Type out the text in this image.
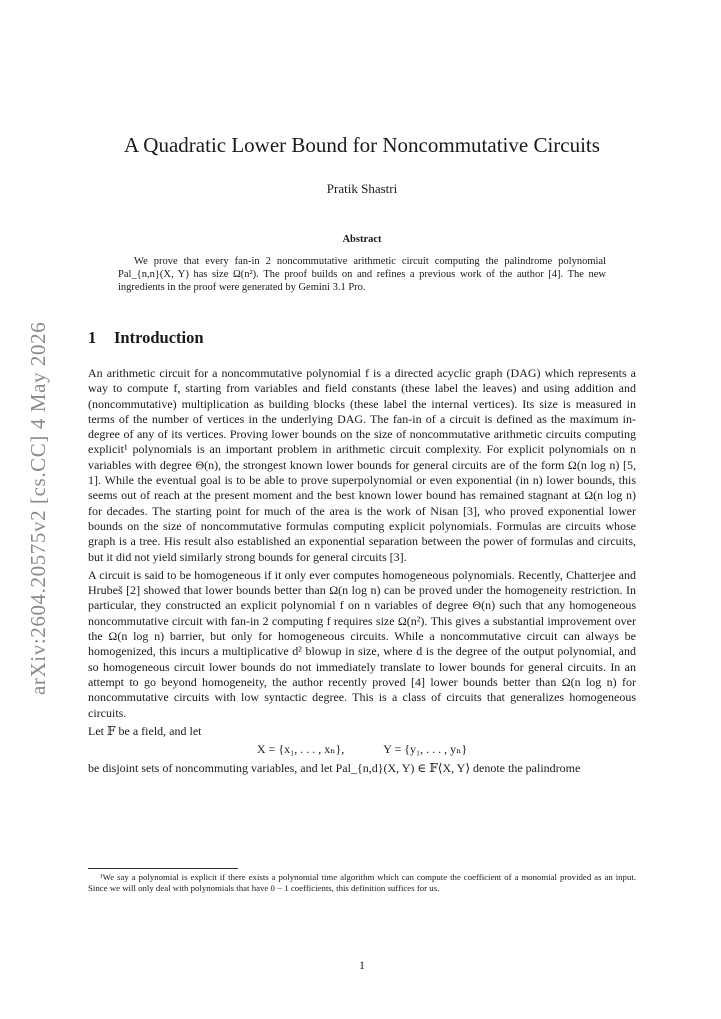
arXiv:2604.20575v2 [cs.CC] 4 May 2026
A Quadratic Lower Bound for Noncommutative Circuits
Pratik Shastri
Abstract
We prove that every fan-in 2 noncommutative arithmetic circuit computing the palindrome polynomial Pal_{n,n}(X, Y) has size Ω(n²). The proof builds on and refines a previous work of the author [4]. The new ingredients in the proof were generated by Gemini 3.1 Pro.
1 Introduction

An arithmetic circuit for a noncommutative polynomial f is a directed acyclic graph (DAG) which represents a way to compute f, starting from variables and field constants (these label the leaves) and using addition and (noncommutative) multiplication as building blocks (these label the internal vertices). Its size is measured in terms of the number of vertices in the underlying DAG. The fan-in of a circuit is defined as the maximum in-degree of any of its vertices. Proving lower bounds on the size of noncommutative arithmetic circuits computing explicit¹ polynomials is an important problem in arithmetic circuit complexity. For explicit polynomials on n variables with degree Θ(n), the strongest known lower bounds for general circuits are of the form Ω(n log n) [5, 1]. While the eventual goal is to be able to prove superpolynomial or even exponential (in n) lower bounds, this seems out of reach at the present moment and the best known lower bound has remained stagnant at Ω(n log n) for decades. The starting point for much of the area is the work of Nisan [3], who proved exponential lower bounds on the size of noncommutative formulas computing explicit polynomials. Formulas are circuits whose graph is a tree. His result also established an exponential separation between the power of formulas and circuits, but it did not yield similarly strong bounds for general circuits [3].

A circuit is said to be homogeneous if it only ever computes homogeneous polynomials. Recently, Chatterjee and Hrubeš [2] showed that lower bounds better than Ω(n log n) can be proved under the homogeneity restriction. In particular, they constructed an explicit polynomial f on n variables of degree Θ(n) such that any homogeneous noncommutative circuit with fan-in 2 computing f requires size Ω(n²). This gives a substantial improvement over the Ω(n log n) barrier, but only for homogeneous circuits. While a noncommutative circuit can always be homogenized, this incurs a multiplicative d² blowup in size, where d is the degree of the output polynomial, and so homogeneous circuit lower bounds do not immediately translate to lower bounds for general circuits. In an attempt to go beyond homogeneity, the author recently proved [4] lower bounds better than Ω(n log n) for noncommutative circuits with low syntactic degree. This is a class of circuits that generalizes homogeneous circuits.

Let 𝔽 be a field, and let

X = {x₁, . . . , xₙ},	Y = {y₁, . . . , yₙ}

be disjoint sets of noncommuting variables, and let Pal_{n,d}(X, Y) ∈ 𝔽⟨X, Y⟩ denote the palindrome

¹We say a polynomial is explicit if there exists a polynomial time algorithm which can compute the coefficient of a monomial provided as an input. Since we will only deal with polynomials that have 0 − 1 coefficients, this definition suffices for us.
1
